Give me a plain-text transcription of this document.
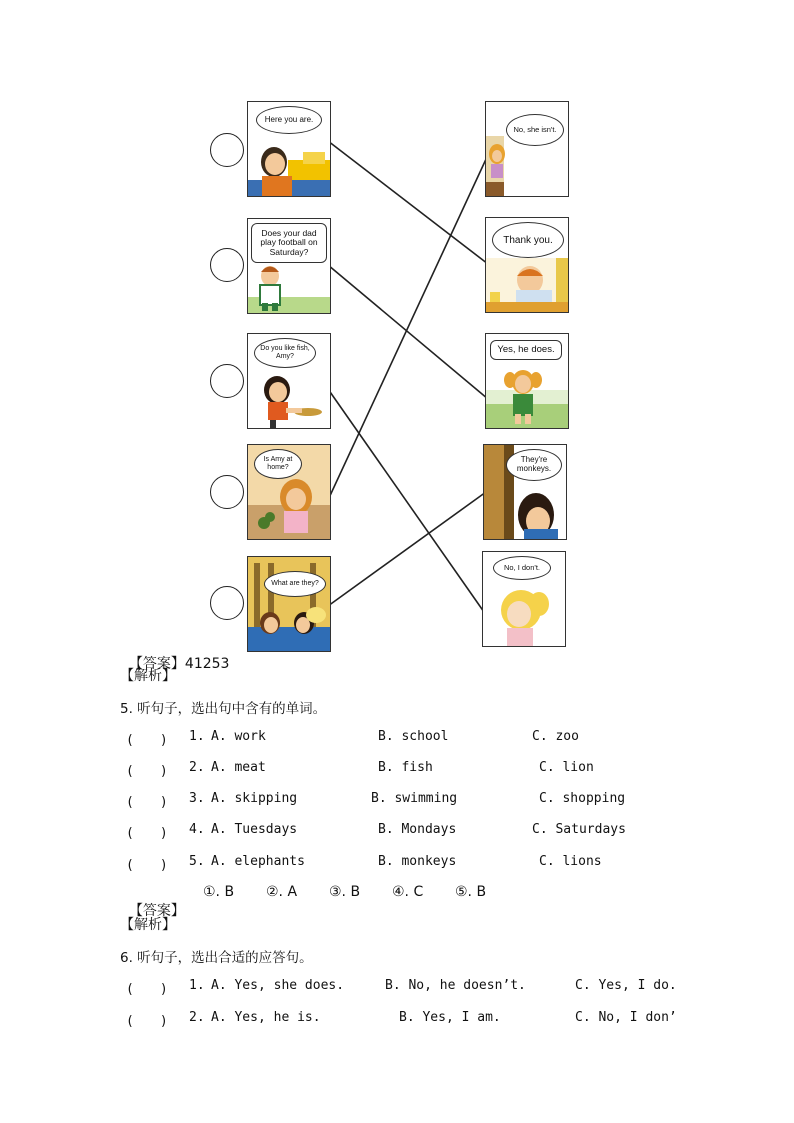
Here you are.
Does your dad play football on Saturday?
Do you like fish, Amy?
Is Amy at home?
What are they?
No, she isn't.
Thank you.
Yes, he does.
They're monkeys.
No, I don't.

【答案】41253

【解析】
5. 听句子，选出句中含有的单词。
(　　) 1. A. work	B. school	C. zoo
(　　) 2. A. meat	B. fish	C. lion
(　　) 3. A. skipping	B. swimming	C. shopping
(　　) 4. A. Tuesdays	B. Mondays	C. Saturdays
(　　) 5. A. elephants	B. monkeys	C. lions

【答案】

①. B ②. A ③. B ④. C ⑤. B
【解析】
6. 听句子，选出合适的应答句。
(　　) 1. A. Yes, she does.	B. No, he doesn’t.	C. Yes, I do.
(　　) 2. A. Yes, he is.	B. Yes, I am.	C. No, I don’
